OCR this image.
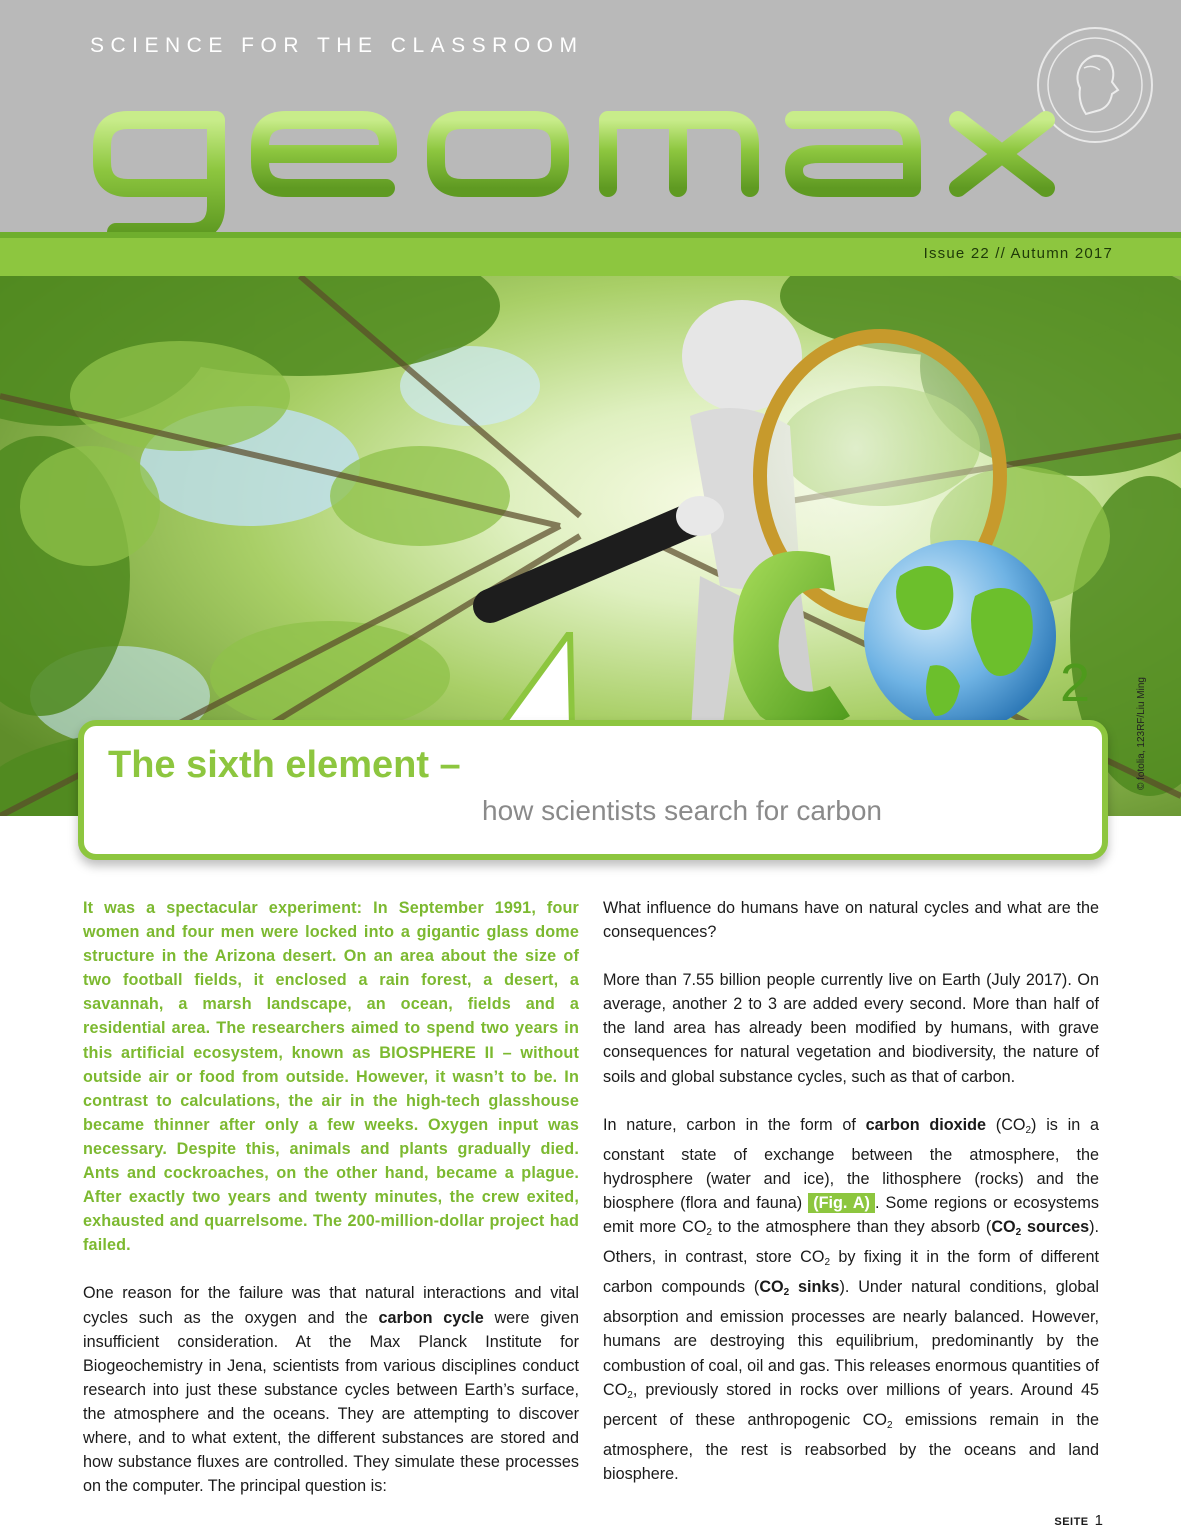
SCIENCE FOR THE CLASSROOM
Issue 22 // Autumn 2017
2	© fotolia, 123RF/Liu Ming
The sixth element –
how scientists search for carbon

It was a spectacular experiment: In September 1991, four women and four men were locked into a gigantic glass dome structure in the Arizona desert. On an area about the size of two football fields, it enclosed a rain forest, a desert, a savannah, a marsh landscape, an ocean, fields and a residential area. The researchers aimed to spend two years in this artificial ecosystem, known as BIOSPHERE II – without outside air or food from outside. However, it wasn’t to be. In contrast to calculations, the air in the high-tech glasshouse became thinner after only a few weeks. Oxygen input was necessary. Despite this, animals and plants gradually died. Ants and cockroaches, on the other hand, became a plague. After exactly two years and twenty minutes, the crew exited, exhausted and quarrelsome. The 200-million-dollar project had failed.

One reason for the failure was that natural interactions and vital cycles such as the oxygen and the carbon cycle were given insufficient consideration. At the Max Planck Institute for Biogeochemistry in Jena, scientists from various disciplines conduct research into just these substance cycles between Earth’s surface, the atmosphere and the oceans. They are attempting to discover where, and to what extent, the different substances are stored and how substance fluxes are controlled. They simulate these processes on the computer. The principal question is:

What influence do humans have on natural cycles and what are the consequences?

More than 7.55 billion people currently live on Earth (July 2017). On average, another 2 to 3 are added every second. More than half of the land area has already been modified by humans, with grave consequences for natural vegetation and biodiversity, the nature of soils and global substance cycles, such as that of carbon.

In nature, carbon in the form of carbon dioxide $(CO_2)$ is in a constant state of exchange between the atmosphere, the hydrosphere (water and ice), the lithosphere (rocks) and the biosphere (flora and fauna) (Fig. A) . Some regions or ecosystems emit more $CO_2$ to the atmosphere than they absorb ($CO_2$ sources). Others, in contrast, store $CO_2$ by fixing it in the form of different carbon compounds ($CO_2$ sinks). Under natural conditions, global absorption and emission processes are nearly balanced. However, humans are destroying this equilibrium, predominantly by the combustion of coal, oil and gas. This releases enormous quantities of $CO_2$, previously stored in rocks over millions of years. Around 45 percent of these anthropogenic $CO_2$ emissions remain in the atmosphere, the rest is reabsorbed by the oceans and land biosphere.

SEITE 1
